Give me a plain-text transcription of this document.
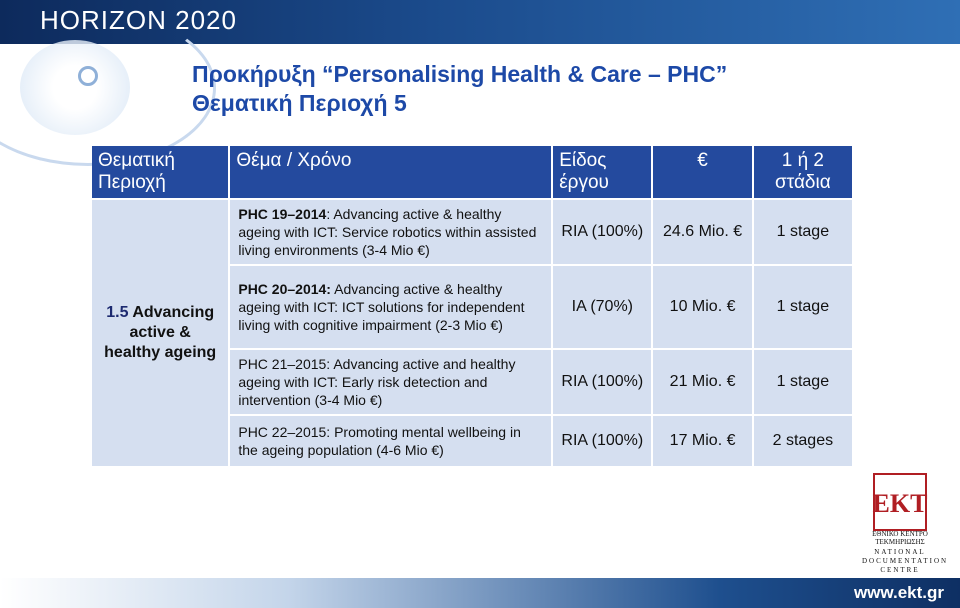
HORIZON 2020
Προκήρυξη “Personalising Health & Care – PHC”
Θεματική Περιοχή 5
Θεματική Περιοχή	Θέμα / Χρόνο	Είδος έργου	€	1 ή 2 στάδια
1.5 Advancing active & healthy ageing	PHC 19–2014: Advancing active & healthy ageing with ICT: Service robotics within assisted living environments (3-4 Mio €)	RIA (100%)	24.6 Mio. €	1 stage
	PHC 20–2014: Advancing active & healthy ageing with ICT: ICT solutions for independent living with cognitive impairment (2-3 Mio €)	IA (70%)	10 Mio. €	1 stage
	PHC 21–2015: Advancing active and healthy ageing with ICT: Early risk detection and intervention (3-4 Mio €)	RIA (100%)	21 Mio. €	1 stage
	PHC 22–2015: Promoting mental wellbeing in the ageing population (4-6 Mio €)	RIA (100%)	17 Mio. €	2 stages
EKT
ΕΘΝΙΚΟ ΚΕΝΤΡΟ ΤΕΚΜΗΡΙΩΣΗΣ
NATIONAL DOCUMENTATION CENTRE
www.ekt.gr
